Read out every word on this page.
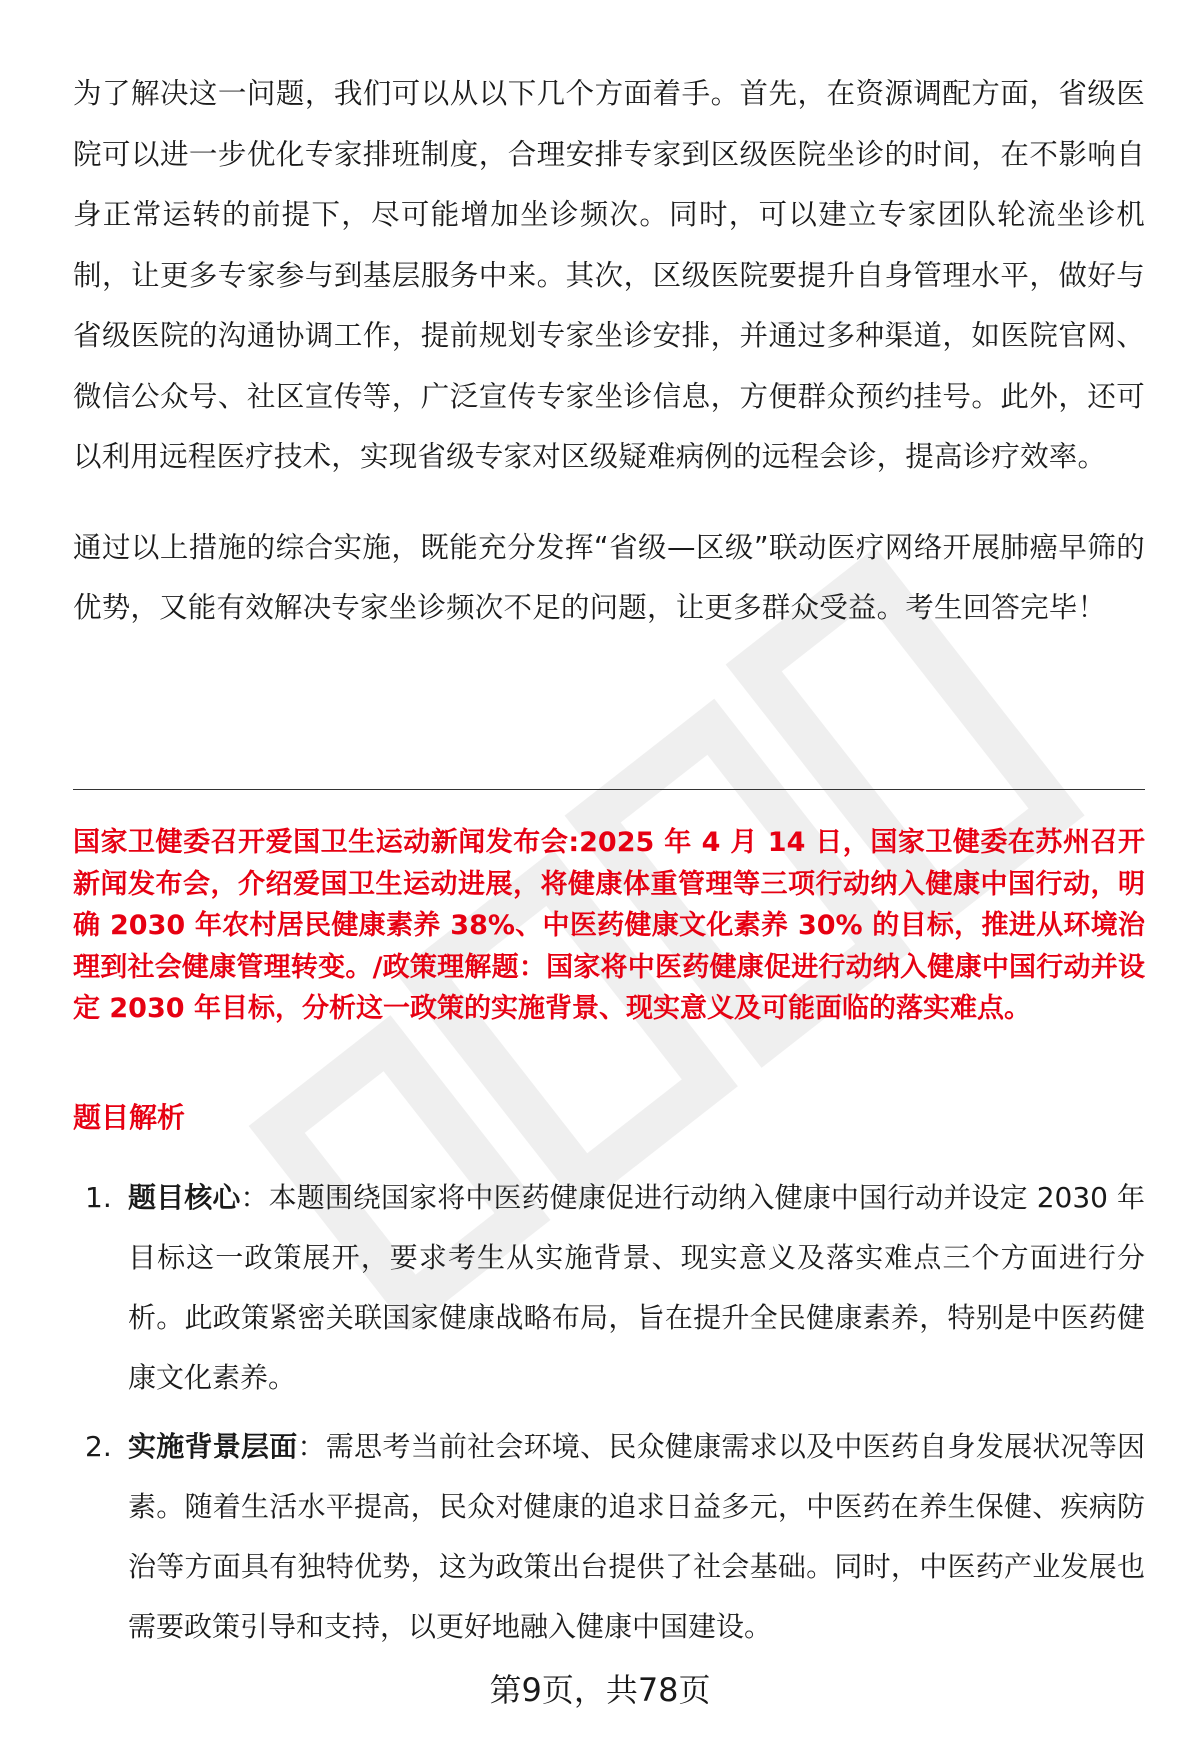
为了解决这一问题，我们可以从以下几个方面着手。首先，在资源调配方面，省级医院可以进一步优化专家排班制度，合理安排专家到区级医院坐诊的时间，在不影响自身正常运转的前提下，尽可能增加坐诊频次。同时，可以建立专家团队轮流坐诊机制，让更多专家参与到基层服务中来。其次，区级医院要提升自身管理水平，做好与省级医院的沟通协调工作，提前规划专家坐诊安排，并通过多种渠道，如医院官网、微信公众号、社区宣传等，广泛宣传专家坐诊信息，方便群众预约挂号。此外，还可以利用远程医疗技术，实现省级专家对区级疑难病例的远程会诊，提高诊疗效率。

通过以上措施的综合实施，既能充分发挥“省级—区级”联动医疗网络开展肺癌早筛的优势，又能有效解决专家坐诊频次不足的问题，让更多群众受益。考生回答完毕！

国家卫健委召开爱国卫生运动新闻发布会:2025 年 4 月 14 日，国家卫健委在苏州召开新闻发布会，介绍爱国卫生运动进展，将健康体重管理等三项行动纳入健康中国行动，明确 2030 年农村居民健康素养 38%、中医药健康文化素养 30% 的目标，推进从环境治理到社会健康管理转变。/政策理解题：国家将中医药健康促进行动纳入健康中国行动并设定 2030 年目标，分析这一政策的实施背景、现实意义及可能面临的落实难点。

题目解析
1. 题目核心：本题围绕国家将中医药健康促进行动纳入健康中国行动并设定 2030 年目标这一政策展开，要求考生从实施背景、现实意义及落实难点三个方面进行分析。此政策紧密关联国家健康战略布局，旨在提升全民健康素养，特别是中医药健康文化素养。
2. 实施背景层面：需思考当前社会环境、民众健康需求以及中医药自身发展状况等因素。随着生活水平提高，民众对健康的追求日益多元，中医药在养生保健、疾病防治等方面具有独特优势，这为政策出台提供了社会基础。同时，中医药产业发展也需要政策引导和支持，以更好地融入健康中国建设。
第9页，共78页
